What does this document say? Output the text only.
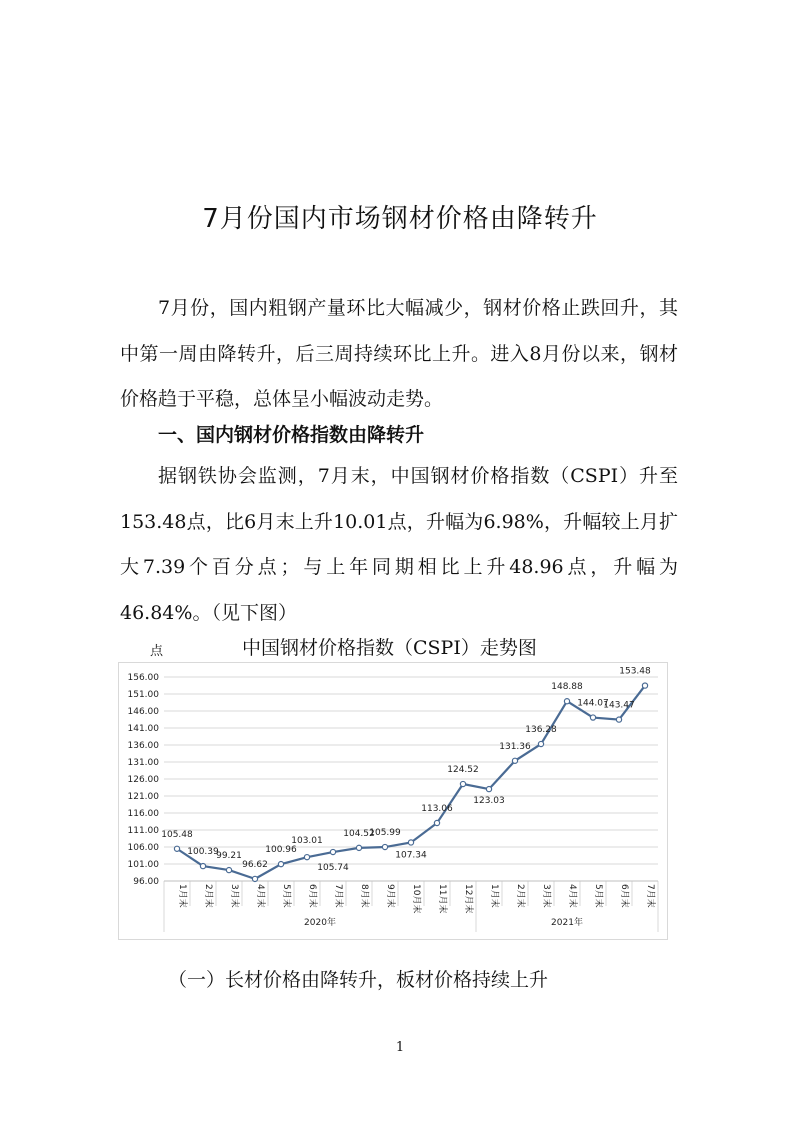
7月份国内市场钢材价格由降转升
7月份，国内粗钢产量环比大幅减少，钢材价格止跌回升，其中第一周由降转升，后三周持续环比上升。进入8月份以来，钢材价格趋于平稳，总体呈小幅波动走势。
一、国内钢材价格指数由降转升
据钢铁协会监测，7月末，中国钢材价格指数（CSPI）升至153.48点，比6月末上升10.01点，升幅为6.98%，升幅较上月扩大7.39个百分点；与上年同期相比上升48.96点，升幅为46.84%。（见下图）
点	中国钢材价格指数（CSPI）走势图
156.00
151.00
146.00
141.00
136.00
131.00
126.00
121.00
116.00
111.00
106.00
101.00
96.00
1月末 2月末 3月末 4月末 5月末 6月末 7月末 8月末 9月末 10月末 11月末 12月末 1月末 2月末 3月末 4月末 5月末 6月末 7月末
2020年	2021年
105.48
100.39
99.21
96.62
100.96
103.01
105.74
104.52
105.99
107.34
113.06
124.52
123.03
131.36
136.28
148.88
144.07
143.47
153.48
（一）长材价格由降转升，板材价格持续上升
1
